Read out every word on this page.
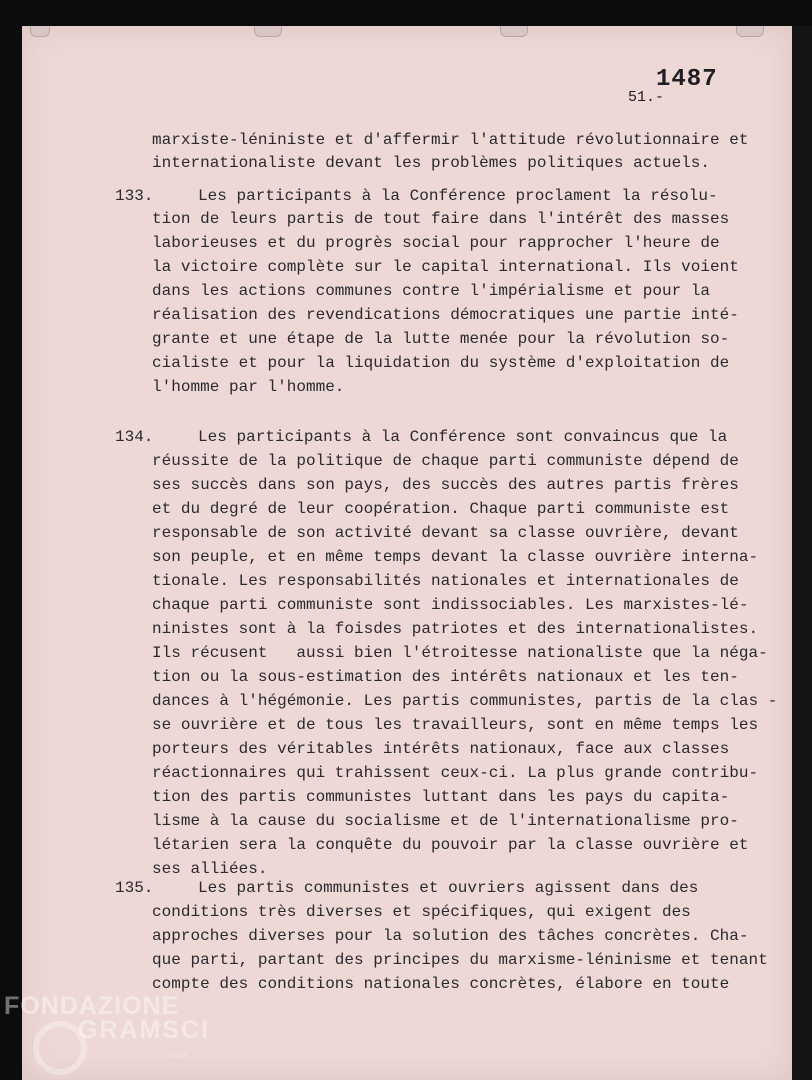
1487
51.-
marxiste-léniniste et d'affermir l'attitude révolutionnaire et
internationaliste devant les problèmes politiques actuels.
133.	Les participants à la Conférence proclament la résolu-
tion de leurs partis de tout faire dans l'intérêt des masses
laborieuses et du progrès social pour rapprocher l'heure de
la victoire complète sur le capital international. Ils voient
dans les actions communes contre l'impérialisme et pour la
réalisation des revendications démocratiques une partie inté-
grante et une étape de la lutte menée pour la révolution so-
cialiste et pour la liquidation du système d'exploitation de
l'homme par l'homme.
134.	Les participants à la Conférence sont convaincus que la
réussite de la politique de chaque parti communiste dépend de
ses succès dans son pays, des succès des autres partis frères
et du degré de leur coopération. Chaque parti communiste est
responsable de son activité devant sa classe ouvrière, devant
son peuple, et en même temps devant la classe ouvrière interna-
tionale. Les responsabilités nationales et internationales de
chaque parti communiste sont indissociables. Les marxistes-lé-
ninistes sont à la foisdes patriotes et des internationalistes.
Ils récusent   aussi bien l'étroitesse nationaliste que la néga-
tion ou la sous-estimation des intérêts nationaux et les ten-
dances à l'hégémonie. Les partis communistes, partis de la clas -
se ouvrière et de tous les travailleurs, sont en même temps les
porteurs des véritables intérêts nationaux, face aux classes
réactionnaires qui trahissent ceux-ci. La plus grande contribu-
tion des partis communistes luttant dans les pays du capita-
lisme à la cause du socialisme et de l'internationalisme pro-
létarien sera la conquête du pouvoir par la classe ouvrière et
ses alliées.
135.	Les partis communistes et ouvriers agissent dans des
conditions très diverses et spécifiques, qui exigent des
approches diverses pour la solution des tâches concrètes. Cha-
que parti, partant des principes du marxisme-léninisme et tenant
compte des conditions nationales concrètes, élabore en toute
FONDAZIONE
GRAMSCI
onlus
